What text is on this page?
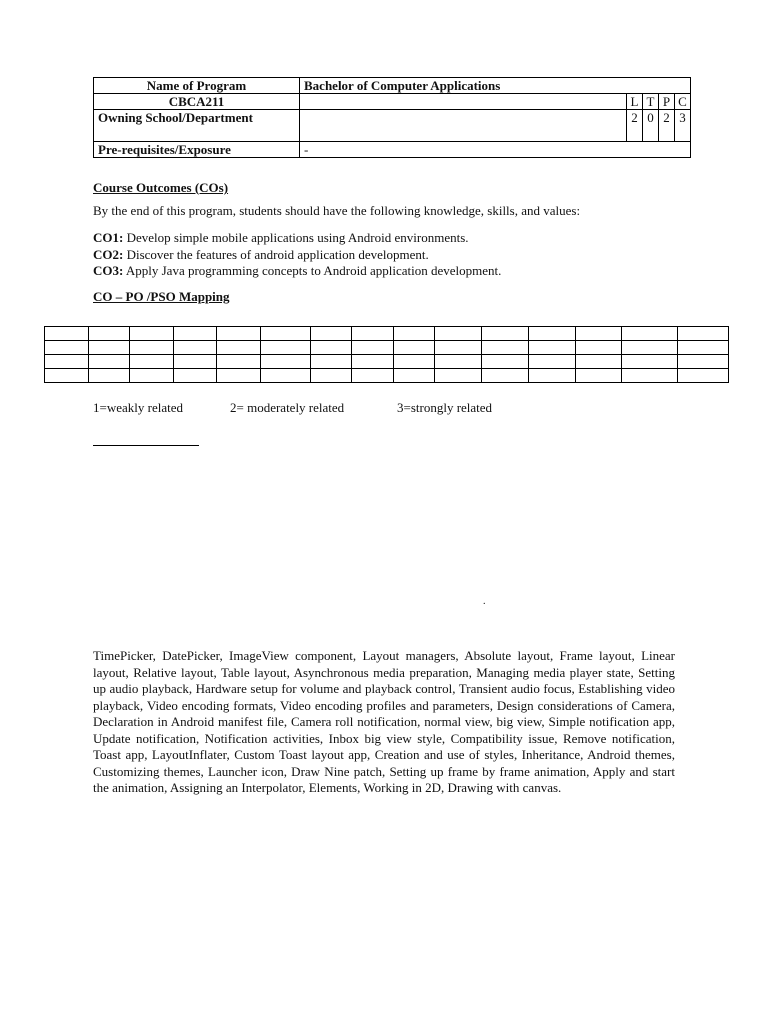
Name of Program	Bachelor of Computer Applications				
CBCA211		L	T	P	C
Owning School/Department		2	0	2	3
Pre-requisites/Exposure	-				
Course Outcomes (COs)
By the end of this program, students should have the following knowledge, skills, and values:
CO1: Develop simple mobile applications using Android environments.
CO2: Discover the features of android application development.
CO3: Apply Java programming concepts to Android application development.
CO – PO /PSO Mapping

1=weakly related	2= moderately related	3=strongly related
.
TimePicker, DatePicker, ImageView component, Layout managers, Absolute layout, Frame layout, Linear layout, Relative layout, Table layout, Asynchronous media preparation, Managing media player state, Setting up audio playback, Hardware setup for volume and playback control, Transient audio focus, Establishing video playback, Video encoding formats, Video encoding profiles and parameters, Design considerations of Camera, Declaration in Android manifest file, Camera roll notification, normal view, big view, Simple notification app, Update notification, Notification activities, Inbox big view style, Compatibility issue, Remove notification, Toast app, LayoutInflater, Custom Toast layout app, Creation and use of styles, Inheritance, Android themes, Customizing themes, Launcher icon, Draw Nine patch, Setting up frame by frame animation, Apply and start the animation, Assigning an Interpolator, Elements, Working in 2D, Drawing with canvas.
